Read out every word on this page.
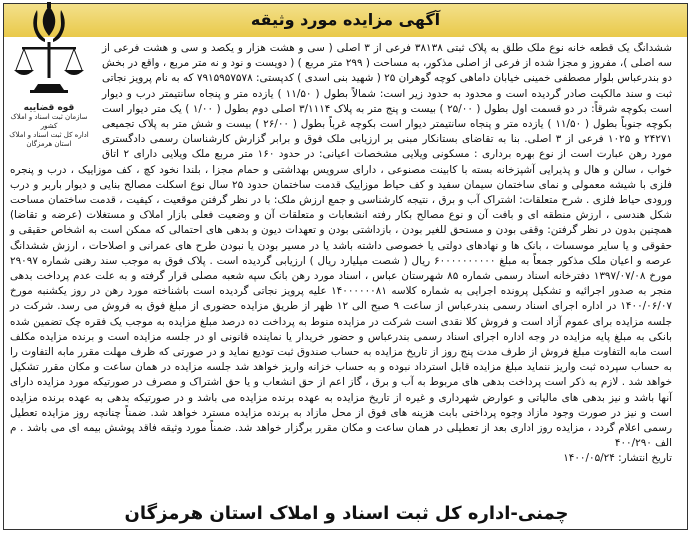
آگهی مزایده مورد وثیقه

ششدانگ یک قطعه خانه نوع ملک طلق به پلاک ثبتی ۳۸۱۳۸ فرعی از ۳ اصلی ( سی و هشت هزار و یکصد و سی و هشت فرعی از سه اصلی )، مفروز و مجزا شده از فرعی از اصلی مذکور، به مساحت ( ۲۹۹ متر مربع ) ( دویست و نود و نه متر مربع ، واقع در بخش دو بندرعباس بلوار مصطفی خمینی خیابان داماهی کوچه گوهران ۲۵ ( شهید بنی اسدی ) کدپستی: ۷۹۱۵۹۵۷۵۷۸ که به نام پرویز نجاتی ثبت و سند مالکیت صادر گردیده است و محدود به حدود زیر است: شمالاً بطول ( ۱۱/۵۰ ) یازده متر و پنجاه سانتیمتر درب و دیوار است بکوچه شرقاً: در دو قسمت اول بطول ( ۲۵/۰۰ ) بیست و پنج متر به پلاک ۳/۱۱۱۴ اصلی دوم بطول ( ۱/۰۰ ) یک متر دیوار است بکوچه جنوباً بطول ( ۱۱/۵۰ ) یازده متر و پنجاه سانتیمتر دیوار است بکوچه غرباً بطول ( ۲۶/۰۰ ) بیست و شش متر به پلاک تجمیعی ۲۴۲۷۱ و ۱۰۲۵ فرعی از ۳ اصلی. بنا به تقاضای بستانکار مبنی بر ارزیابی ملک فوق و برابر گزارش کارشناسان رسمی دادگستری مورد رهن عبارت است از نوع بهره برداری : مسکونی ویلایی مشخصات اعیانی: در حدود ۱۶۰ متر مربع ملک ویلایی دارای ۲ اتاق خواب ، سالن و هال و پذیرایی آشپزخانه بسته با کابینت مصنوعی ، دارای سرویس بهداشتی و حمام مجزا ، بلندا نخود کچ ، کف موزاییک ، درب و پنجره فلزی با شیشه معمولی و نمای ساختمان سیمان سفید و کف حیاط موزاییک قدمت ساختمان حدود ۲۵ سال نوع اسکلت مصالح بنایی و دیوار باربر و درب ورودی حیاط فلزی . شرح متعلقات: اشتراک آب و برق ، نتیجه کارشناسی و جمع ارزش ملک: با در نظر گرفتن موقعیت ، کیفیت ، قدمت ساختمان مساحت شکل هندسی ، ارزش منطقه ای و بافت آن و نوع مصالح بکار رفته انشعابات و متعلقات آن و وضعیت فعلی بازار املاک و مستغلات (عرضه و تقاضا) همچنین بدون در نظر گرفتن: وقفی بودن و مستحق للغیر بودن ، بازداشتی بودن و تعهدات دیون و بدهی های احتمالی که ممکن است به اشخاص حقیقی و حقوقی و یا سایر موسسات ، بانک ها و نهادهای دولتی یا خصوصی داشته باشد یا در مسیر بودن یا نبودن طرح های عمرانی و اصلاحات ، ارزش ششدانگ عرصه و اعیان ملک مذکور جمعاً به مبلغ ۶۰۰۰۰۰۰۰۰۰۰ ریال ( شصت میلیارد ریال ) ارزیابی گردیده است . پلاک فوق به موجب سند رهنی شماره ۲۹۰۹۷ مورخ ۱۳۹۷/۰۷/۰۸ دفترخانه اسناد رسمی شماره ۸۵ شهرستان عباس ، اسناد مورد رهن بانک سپه شعبه مصلی قرار گرفته و به علت عدم پرداخت بدهی منجر به صدور اجرائیه و تشکیل پرونده اجرایی به شماره کلاسه ۱۴۰۰۰۰۰۰۸۱ علیه پرویز نجاتی گردیده است باشناخته مورد رهن در روز یکشنبه مورخ ۱۴۰۰/۰۶/۰۷ در اداره اجرای اسناد رسمی بندرعباس از ساعت ۹ صبح الی ۱۲ ظهر از طریق مزایده حضوری از مبلغ فوق به فروش می رسد. شرکت در جلسه مزایده برای عموم آزاد است و فروش کلا نقدی است شرکت در مزایده منوط به پرداخت ده درصد مبلغ مزایده به موجب یک فقره چک تضمین شده بانکی به مبلغ پایه مزایده در وجه اداره اجرای اسناد رسمی بندرعباس و حضور خریدار یا نماینده قانونی او در جلسه مزایده است و برنده مزایده مکلف است مابه التفاوت مبلغ فروش از طرف مدت پنج روز از تاریخ مزایده به حساب صندوق ثبت تودیع نماید و در صورتی که ظرف مهلت مقرر مابه التفاوت را به حساب سپرده ثبت واریز ننماید مبلغ مزایده قابل استرداد نبوده و به حساب خزانه واریز خواهد شد جلسه مزایده در همان ساعت و مکان مقرر تشکیل خواهد شد . لازم به ذکر است پرداخت بدهی های مربوط به آب و برق ، گاز اعم از حق انشعاب و یا حق اشتراک و مصرف در صورتیکه مورد مزایده دارای آنها باشد و نیز بدهی های مالیاتی و عوارض شهرداری و غیره از تاریخ مزایده به عهده برنده مزایده می باشد و در صورتیکه بدهی به عهده برنده مزایده است و نیز در صورت وجود مازاد وجوه پرداختی بابت هزینه های فوق از محل مازاد به برنده مزایده مسترد خواهد شد. ضمناً چنانچه روز مزایده تعطیل رسمی اعلام گردد ، مزایده روز اداری بعد از تعطیلی در همان ساعت و مکان مقرر برگزار خواهد شد. ضمناً مورد وثیقه فاقد پوشش بیمه ای می باشد . م الف ۴۰۰/۲۹۰

تاریخ انتشار: ۱۴۰۰/۰۵/۲۴

قوه قضاییه
سازمان ثبت اسناد و املاک کشور
اداره کل ثبت اسناد و املاک استان هرمزگان
چمنی-اداره کل ثبت اسناد و املاک استان هرمزگان
